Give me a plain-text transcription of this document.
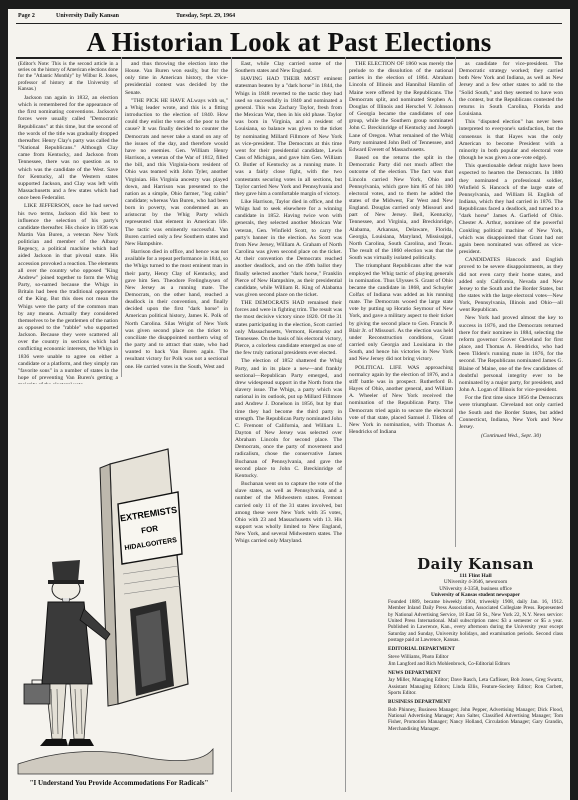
Page 2	University Daily Kansan	Tuesday, Sept. 29, 1964
A Historian Look at Past Elections

(Editor's Note: This is the second article in a series on the history of American elections done for the "Atlantic Monthly" by Wilbur R. Jones, professor of history at the University of Kansas.)

Jackson ran again in 1832, an election which is remembered for the appearance of the first nominating conventions. Jackson's forces were usually called "Democratic Republicans" at this time, but the second of the words of the title was gradually dropped thereafter. Henry Clay's party was called the "National Republicans." Although Clay came from Kentucky, and Jackson from Tennessee, there was no question as to which was the candidate of the West. Save for Kentucky, all the Western states supported Jackson, and Clay was left with Massachusetts and a few states which had once been Federalist.

LIKE JEFFERSON, once he had served his two terms, Jackson did his best to influence the selection of his party's candidate thereafter. His choice in 1836 was Martin Van Buren, a veteran New York politician and member of the Albany Regency, a political machine which had aided Jackson in that pivotal state. His accession provoked a reaction. The elements all over the country who opposed "King Andrew" joined together to form the Whig Party, so-named because the Whigs in Britain had been the traditional opponents of the King. But this does not mean the Whigs were the party of the common man by any means. Actually they considered themselves to be the gentlemen of the nation as opposed to the "rabble" who supported Jackson. Because they were scattered all over the country in sections which had conflicting economic interests, the Whigs in 1836 were unable to agree on either a candidate or a platform, and they simply ran "favorite sons" in a number of states in the hope of preventing Van Buren's getting a

and thus throwing the election into the House. Van Buren won easily, but for the only time in American history, the vice-presidential contest was decided by the Senate.

"THE PICK HE HAVE ALways with us," a Whig leader wrote, and this is a fitting introduction to the election of 1840. How could they enlist the votes of the poor to the cause? It was finally decided to counter the Democrats and never take a stand on any of the issues of the day, and therefore would have no enemies. Gen. William Henry Harrison, a veteran of the War of 1812, filled the bill, and this Virginia-born resident of Ohio was teamed with John Tyler, another Virginian. His Virginia ancestry was played down, and Harrison was presented to the nation as a simple, Ohio farmer, "log cabin" candidate; whereas Van Buren, who had been born in poverty, was condemned as an aristocrat by the Whig Party which represented that element in American life. The tactic was eminently successful. Van Buren carried only a few Southern states and New Hampshire.

Harrison died in office, and hence was not available for a repeat performance in 1844, so the Whigs turned to the most eminent man in their party, Henry Clay of Kentucky, and gave him Sen. Theodore Frelinghuysen of New Jersey as a running mate. The Democrats, on the other hand, reached a deadlock in their convention, and finally decided upon the first "dark horse" in American political history, James K. Polk of North Carolina. Silas Wright of New York was given second place on the ticket to conciliate the disappointed northern wing of the party and to attract that state, who had wanted to back Van Buren again. The resultant victory for Polk was not a sectional one. He carried votes in the South, West and

East, while Clay carried some of the Southern states and New England.

HAVING HAD THEIR MOST eminent statesman beaten by a "dark horse" in 1844, the Whigs in 1848 reverted to the tactic they had used so successfully in 1840 and nominated a general. This was Zachary Taylor, fresh from the Mexican War, then in his old phase. Taylor was born in Virginia, and a resident of Louisiana, so balance was given to the ticket by nominating Millard Fillmore of New York as vice-president. The Democrats at this time went for their presidential candidate, Lewis Cass of Michigan, and gave him Gen. William O. Butler of Kentucky as a running mate. It was a fairly close fight, with the two contestants securing votes in all sections, but Taylor carried New York and Pennsylvania and they gave him a comfortable margin of victory.

Like Harrison, Taylor died in office, and the Whigs had to seek elsewhere for a winning candidate in 1852. Having twice won with generals, they selected another Mexican War veteran, Gen. Winfield Scott, to carry the party's banner in the election. As Scott was from New Jersey, William A. Graham of North Carolina was given second place on the ticket. At their convention the Democrats reached another deadlock, and on the 49th ballot they finally selected another "dark horse," Franklin Pierce of New Hampshire, as their presidential candidate, while William R. King of Alabama was given second place on the ticket.

THE DEMOCRATS HAD remained their forces and were in fighting trim. The result was the most decisive victory since 1820. Of the 31 states participating in the election, Scott carried only Massachusetts, Vermont, Kentucky and Tennessee. On the basis of his electoral victory, Pierce, a colorless candidate emerged as one of the few truly national presidents ever elected.

The election of 1852 shattered the Whig Party, and in its place a new—and frankly sectional—Republican Party emerged, and drew widespread support in the North from the slavery issue. The Whigs, a party which was national in its outlook, put up Millard Fillmore and Andrew J. Donelson in 1856, but by that time they had become the third party in strength. The Republican Party nominated John C. Fremont of California, and William L. Dayton of New Jersey was selected over Abraham Lincoln for second place. The Democrats, once the party of movement and radicalism, chose the conservative James Buchanan of Pennsylvania, and gave the second place to John C. Breckinridge of Kentucky.

Buchanan went on to capture the vote of the slave states, as well as Pennsylvania, and a number of the Midwestern states. Fremont carried only 11 of the 31 states involved, but among these were New York with 35 votes, Ohio with 23 and Massachusetts with 13. His support was wholly limited to New England, New York, and several Midwestern states. The Whigs carried only Maryland.

THE ELECTION OF 1860 was merely the prelude to the dissolution of the national parties in the election of 1864. Abraham Lincoln of Illinois and Hannibal Hamlin of Maine were offered by the Republicans. The Democrats split, and nominated Stephen A. Douglas of Illinois and Herschel V. Johnson of Georgia became the candidates of one group, while the Southern group nominated John C. Breckinridge of Kentucky and Joseph Lane of Oregon. What remained of the Whig Party nominated John Bell of Tennessee, and Edward Everett of Massachusetts.

Based on the returns the split in the Democratic Party did not much affect the outcome of the election. The fact was that Lincoln carried New York, Ohio and Pennsylvania, which gave him 85 of his 180 electoral votes, and to them he added the states of the Midwest, Far West and New England. Douglas carried only Missouri and part of New Jersey. Bell, Kentucky, Tennessee, and Virginia, and Breckinridge, Alabama, Arkansas, Delaware, Florida, Georgia, Louisiana, Maryland, Mississippi, North Carolina, South Carolina, and Texas. The result of the 1860 election was that the South was virtually isolated politically.

The triumphant Republicans after the war employed the Whig tactic of playing generals in nomination. Thus Ulysses S. Grant of Ohio became the candidate in 1868, and Schuyler Colfax of Indiana was added as his running mate. The Democrats wooed the large state vote by putting up Horatio Seymour of New York, and gave a military aspect to their ticket by giving the second place to Gen. Francis P. Blair Jr. of Missouri. As the election was held under Reconstruction conditions, Grant carried only Georgia and Louisiana in the South, and hence his victories in New York and New Jersey did not bring victory.

POLITICAL LIFE WAS approaching normalcy again by the election of 1876, and a stiff battle was in prospect. Rutherford B. Hayes of Ohio, another general, and William A. Wheeler of New York received the nomination of the Republican Party. The Democrats tried again to secure the electoral vote of that state, placed Samuel J. Tilden of New York in nomination, with Thomas A. Hendricks of Indiana

as candidate for vice-president. The Democratic strategy worked; they carried both New York and Indiana, as well as New Jersey and a few other states to add to the "Solid South," and they seemed to have won the contest, but the Republicans contested the returns in South Carolina, Florida and Louisiana.

This "disputed election" has never been interpreted to everyone's satisfaction, but the consensus is that Hayes was the only American to become President with a minority in both popular and electoral vote (though he was given a one-vote edge).

This questionable defeat might have been expected to hearten the Democrats. In 1880 they nominated a professional soldier, Winfield S. Hancock of the large state of Pennsylvania, and William H. English of Indiana, which they had carried in 1876. The Republicans faced a deadlock, and turned to a "dark horse" James A. Garfield of Ohio. Chester A. Arthur, nominee of the powerful Conkling political machine of New York, which was disappointed that Grant had not again been nominated was offered as vice-president.

CANDIDATES Hancock and English proved to be severe disappointments, as they did not even carry their home states, and added only California, Nevada and New Jersey to the South and the Border States, but the states with the large electoral votes—New York, Pennsylvania, Illinois and Ohio—all went Republican.

New York had proved almost the key to success in 1876, and the Democrats returned there for their nominee in 1884, selecting the reform governor Grover Cleveland for first place, and Thomas A. Hendricks, who had been Tilden's running mate in 1876, for the second. The Republicans nominated James G. Blaine of Maine, one of the few candidates of doubtful personal integrity ever to be nominated by a major party, for president, and John A. Logan of Illinois for vice-president.

For the first time since 1856 the Democrats were triumphant. Cleveland not only carried the South and the Border States, but added Connecticut, Indiana, New York and New Jersey.

(Continued Wed., Sept. 30)

EXTREMISTS
FOR
HIDALGOITERS
"I Understand You Provide Accommodations For Radicals"
Daily Kansan
111 Flint Hall
UNiversity 4-3646, newsroom
UNiversity 4-3358, business office
University of Kansas student newspaper

Founded 1889, became biweekly 1904, triweekly 1908, daily Jan. 16, 1912. Member Inland Daily Press Association, Associated Collegiate Press. Represented by National Advertising Service, 18 East 50 St., New York 22, N.Y. News service: United Press International. Mail subscription rates: $3 a semester or $5 a year. Published in Lawrence, Kan., every afternoon during the University year except Saturday and Sunday, University holidays, and examination periods. Second class postage paid at Lawrence, Kansas.

EDITORIAL DEPARTMENT

Steve Williams, Photo Editor

Jim Langford and Rich Mohlenbrock, Co-Editorial Editors

NEWS DEPARTMENT

Jay Miller, Managing Editor; Dave Rasch, Leta Caflisser, Bob Jones, Greg Swartz, Assistant Managing Editors; Linda Ellis, Feature-Society Editor; Ron Corbett, Sports Editor.

BUSINESS DEPARTMENT

Bob Phinney, Business Manager; John Pepper, Advertising Manager; Dick Flood, National Advertising Manager; Ann Salter, Classified Advertising Manager; Tom Fisher, Promotion Manager; Nancy Holland, Circulation Manager; Gary Grandin, Merchandising Manager.
